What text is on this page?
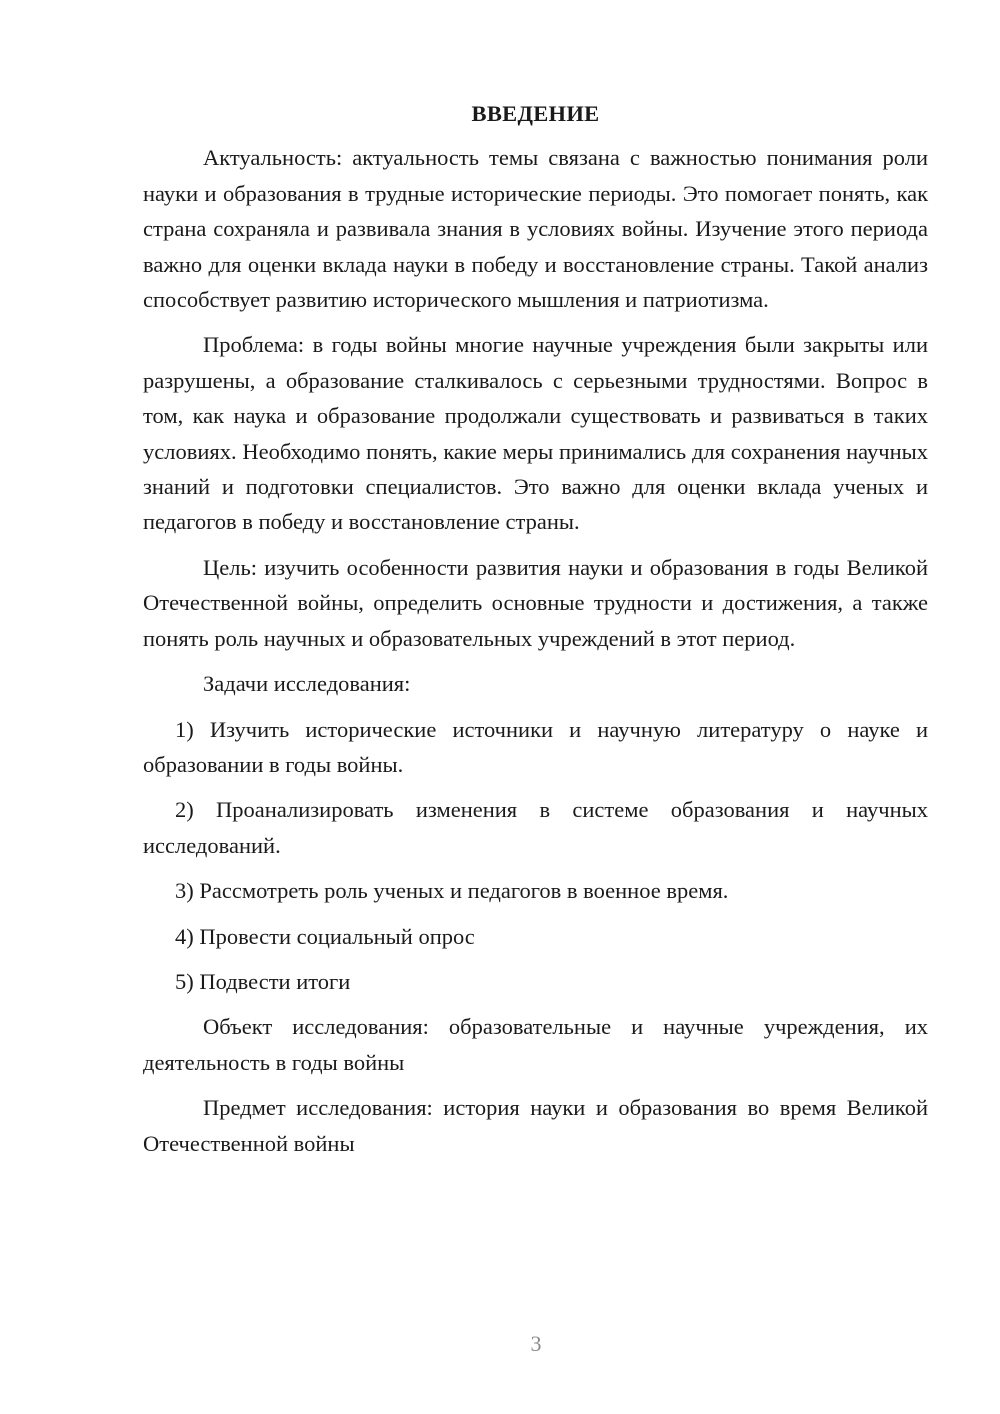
ВВЕДЕНИЕ

Актуальность: актуальность темы связана с важностью понимания роли науки и образования в трудные исторические периоды. Это помогает понять, как страна сохраняла и развивала знания в условиях войны. Изучение этого периода важно для оценки вклада науки в победу и восстановление страны. Такой анализ способствует развитию исторического мышления и патриотизма.

Проблема: в годы войны многие научные учреждения были закрыты или разрушены, а образование сталкивалось с серьезными трудностями. Вопрос в том, как наука и образование продолжали существовать и развиваться в таких условиях. Необходимо понять, какие меры принимались для сохранения научных знаний и подготовки специалистов. Это важно для оценки вклада ученых и педагогов в победу и восстановление страны.

Цель: изучить особенности развития науки и образования в годы Великой Отечественной войны, определить основные трудности и достижения, а также понять роль научных и образовательных учреждений в этот период.

Задачи исследования:

1) Изучить исторические источники и научную литературу о науке и образовании в годы войны.

2) Проанализировать изменения в системе образования и научных исследований.

3) Рассмотреть роль ученых и педагогов в военное время.

4) Провести социальный опрос

5) Подвести итоги

Объект исследования: образовательные и научные учреждения, их деятельность в годы войны

Предмет исследования: история науки и образования во время Великой Отечественной войны

3
